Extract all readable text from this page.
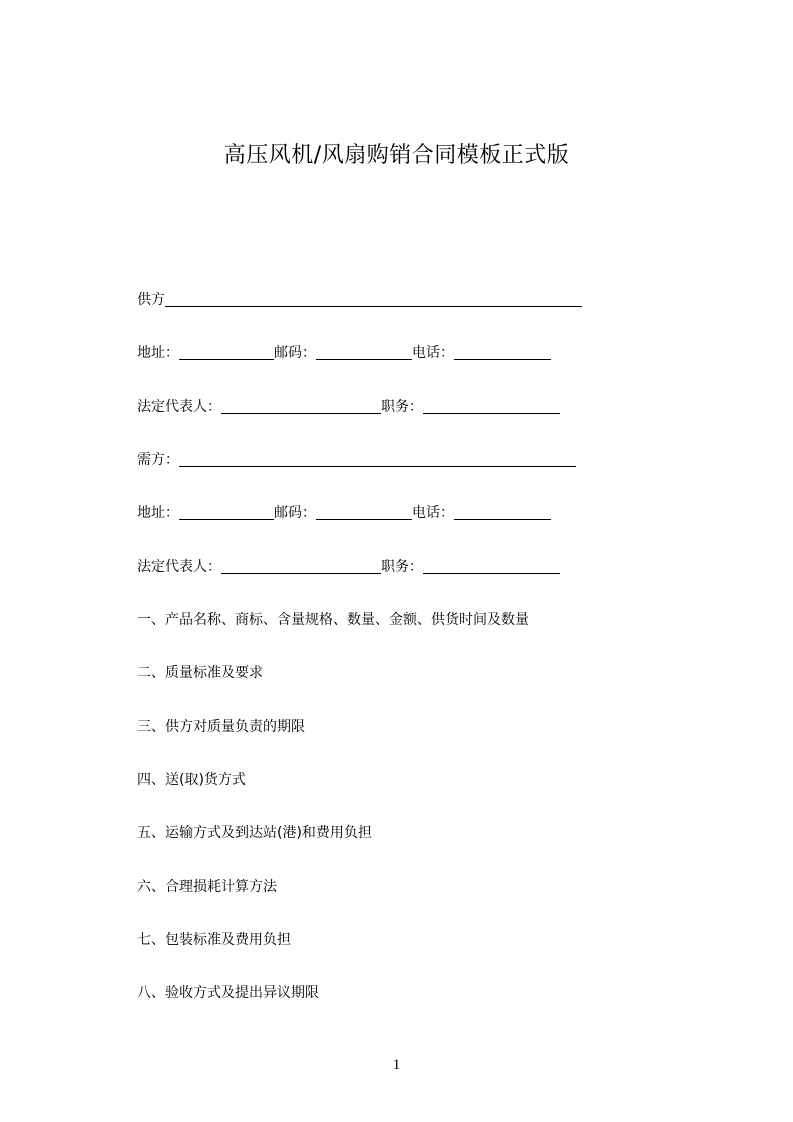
高压风机/风扇购销合同模板正式版
供方
地址：	邮码：	电话：
法定代表人：	职务：
需方：
地址：	邮码：	电话：
法定代表人：	职务：
一、产品名称、商标、含量规格、数量、金额、供货时间及数量
二、质量标准及要求
三、供方对质量负责的期限
四、送(取)货方式
五、运输方式及到达站(港)和费用负担
六、合理损耗计算方法
七、包装标准及费用负担
八、验收方式及提出异议期限
1
